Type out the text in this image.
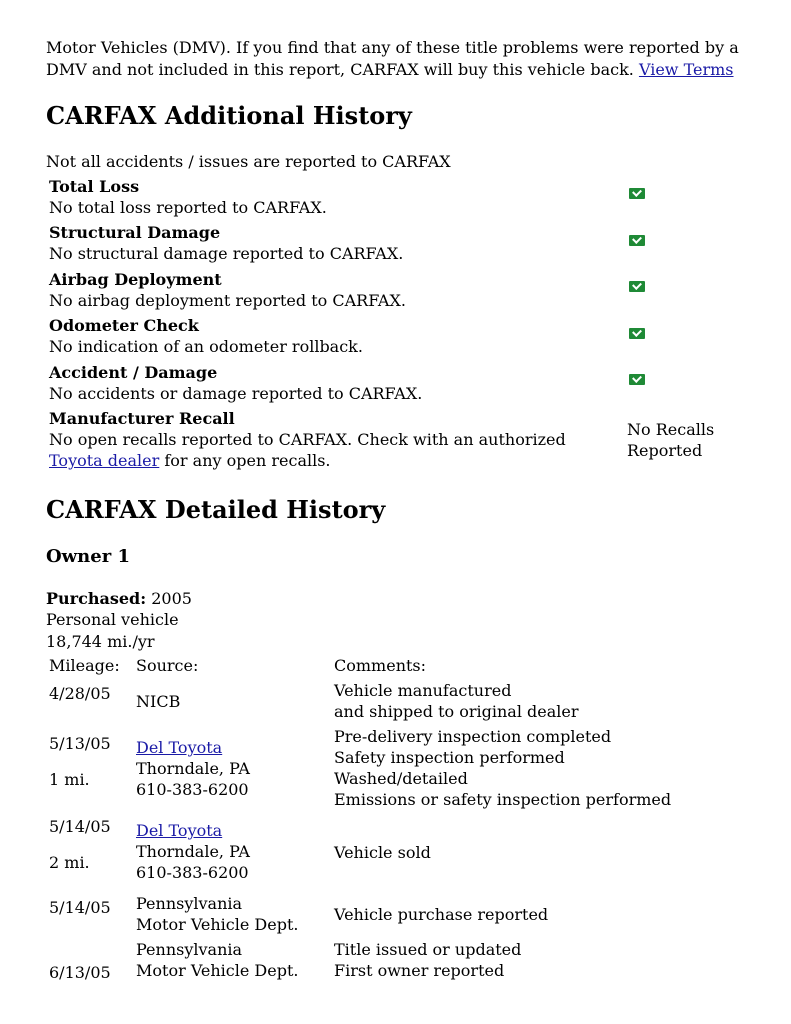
Motor Vehicles (DMV). If you find that any of these title problems were reported by a DMV and not included in this report, CARFAX will buy this vehicle back. View Terms

CARFAX Additional History
Not all accidents / issues are reported to CARFAX
Total Loss
No total loss reported to CARFAX.
Structural Damage
No structural damage reported to CARFAX.
Airbag Deployment
No airbag deployment reported to CARFAX.
Odometer Check
No indication of an odometer rollback.
Accident / Damage
No accidents or damage reported to CARFAX.
Manufacturer Recall
No open recalls reported to CARFAX. Check with an authorized Toyota dealer for any open recalls.
No Recalls
Reported
CARFAX Detailed History
Owner 1
Purchased: 2005
Personal vehicle
18,744 mi./yr
Mileage: Source:	Comments:
4/28/05 NICB
Vehicle manufactured
and shipped to original dealer
5/13/05
1 mi.
Del Toyota
Thorndale, PA
610-383-6200
Pre-delivery inspection completed
Safety inspection performed
Washed/detailed
Emissions or safety inspection performed
5/14/05
2 mi.
Del Toyota
Thorndale, PA
610-383-6200
Vehicle sold
5/14/05 Pennsylvania
Motor Vehicle Dept.
Vehicle purchase reported
6/13/05
Pennsylvania
Motor Vehicle Dept.
Title issued or updated
First owner reported
